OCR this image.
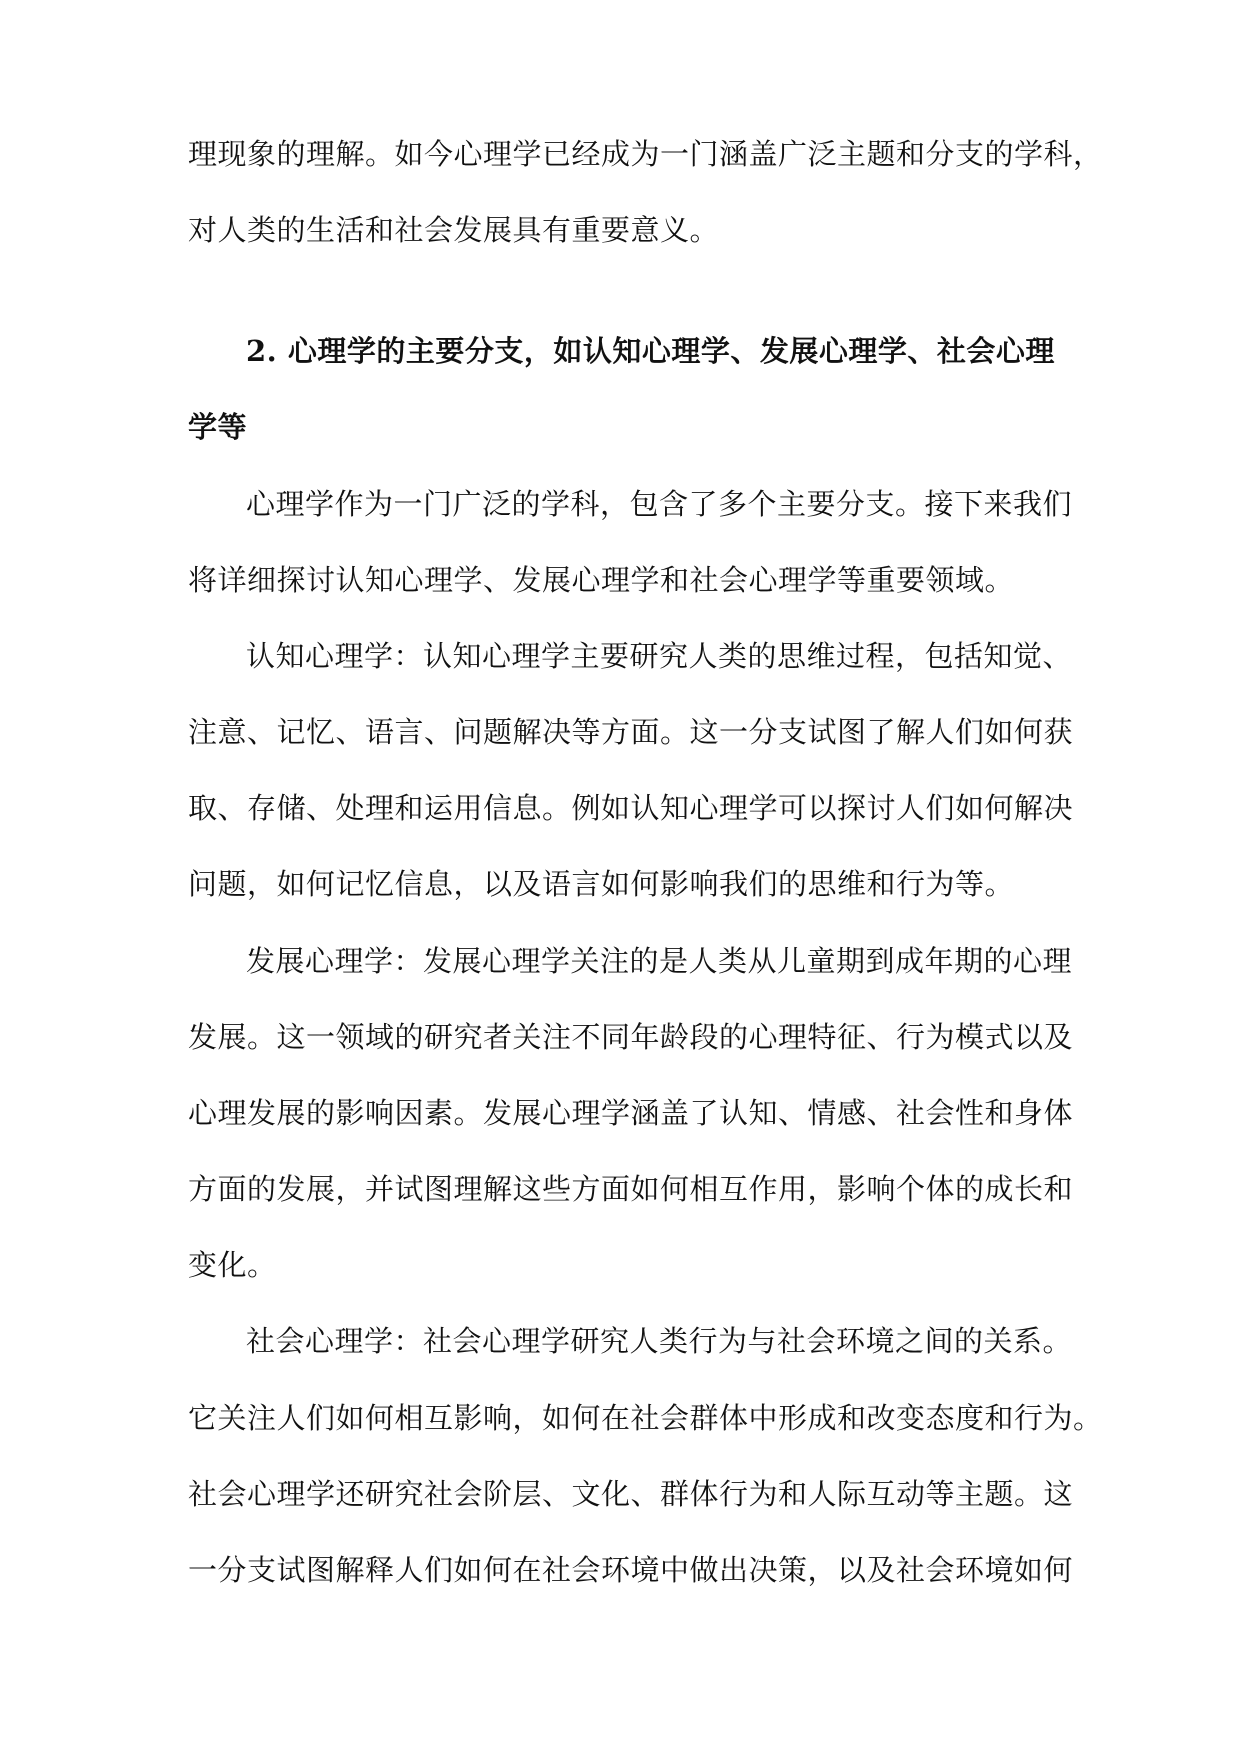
理现象的理解。如今心理学已经成为一门涵盖广泛主题和分支的学科，
对人类的生活和社会发展具有重要意义。
2. 心理学的主要分支，如认知心理学、发展心理学、社会心理
学等
心理学作为一门广泛的学科，包含了多个主要分支。接下来我们
将详细探讨认知心理学、发展心理学和社会心理学等重要领域。
认知心理学：认知心理学主要研究人类的思维过程，包括知觉、
注意、记忆、语言、问题解决等方面。这一分支试图了解人们如何获
取、存储、处理和运用信息。例如认知心理学可以探讨人们如何解决
问题，如何记忆信息，以及语言如何影响我们的思维和行为等。
发展心理学：发展心理学关注的是人类从儿童期到成年期的心理
发展。这一领域的研究者关注不同年龄段的心理特征、行为模式以及
心理发展的影响因素。发展心理学涵盖了认知、情感、社会性和身体
方面的发展，并试图理解这些方面如何相互作用，影响个体的成长和
变化。
社会心理学：社会心理学研究人类行为与社会环境之间的关系。
它关注人们如何相互影响，如何在社会群体中形成和改变态度和行为。
社会心理学还研究社会阶层、文化、群体行为和人际互动等主题。这
一分支试图解释人们如何在社会环境中做出决策，以及社会环境如何
